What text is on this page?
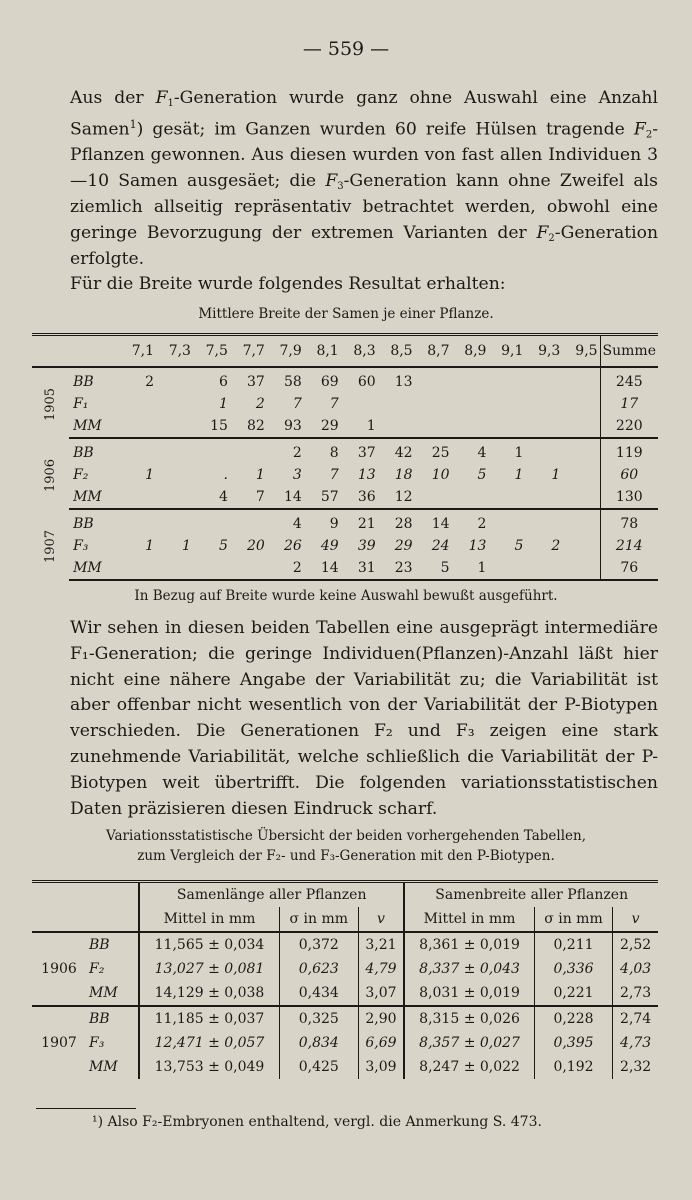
— 559 —

Aus der $F_1$-Generation wurde ganz ohne Auswahl eine Anzahl Samen$^1$) gesät; im Ganzen wurden 60 reife Hülsen tragende $F_2$-Pflanzen gewonnen. Aus diesen wurden von fast allen Individuen 3—10 Samen ausgesäet; die $F_3$-Generation kann ohne Zweifel als ziemlich allseitig repräsentativ betrachtet werden, obwohl eine geringe Bevorzugung der extremen Varianten der $F_2$-Generation erfolgte.

Für die Breite wurde folgendes Resultat erhalten:

Mittlere Breite der Samen je einer Pflanze.
		7,1	7,3	7,5	7,7	7,9	8,1	8,3	8,5	8,7	8,9	9,1	9,3	9,5	Summe

1905	BB	2		6	37	58	69	60	13						245
	F₁			1	2	7	7								17
	MM			15	82	93	29	1							220

1906	BB					2	8	37	42	25	4	1			119
	F₂	1		.	1	3	7	13	18	10	5	1	1		60
	MM			4	7	14	57	36	12						130

1907	BB					4	9	21	28	14	2				78
	F₃	1	1	5	20	26	49	39	29	24	13	5	2		214
	MM					2	14	31	23	5	1				76
In Bezug auf Breite wurde keine Auswahl bewußt ausgeführt.
Wir sehen in diesen beiden Tabellen eine ausgeprägt intermediäre F₁-Generation; die geringe Individuen(Pflanzen)-Anzahl läßt hier nicht eine nähere Angabe der Variabilität zu; die Variabilität ist aber offenbar nicht wesentlich von der Variabilität der P-Biotypen verschieden. Die Generationen F₂ und F₃ zeigen eine stark zunehmende Variabilität, welche schließlich die Variabilität der P-Biotypen weit übertrifft. Die folgenden variationsstatistischen Daten präzisieren diesen Eindruck scharf.
Variationsstatistische Übersicht der beiden vorhergehenden Tabellen,
zum Vergleich der F₂- und F₃-Generation mit den P-Biotypen.
		Samenlänge aller Pflanzen			Samenbreite aller Pflanzen		
		Mittel in mm	σ in mm	v	Mittel in mm	σ in mm	v
1906	BB	11,565 ± 0,034	0,372	3,21	8,361 ± 0,019	0,211	2,52
	F₂	13,027 ± 0,081	0,623	4,79	8,337 ± 0,043	0,336	4,03
	MM	14,129 ± 0,038	0,434	3,07	8,031 ± 0,019	0,221	2,73
1907	BB	11,185 ± 0,037	0,325	2,90	8,315 ± 0,026	0,228	2,74
	F₃	12,471 ± 0,057	0,834	6,69	8,357 ± 0,027	0,395	4,73
	MM	13,753 ± 0,049	0,425	3,09	8,247 ± 0,022	0,192	2,32
¹) Also F₂-Embryonen enthaltend, vergl. die Anmerkung S. 473.
